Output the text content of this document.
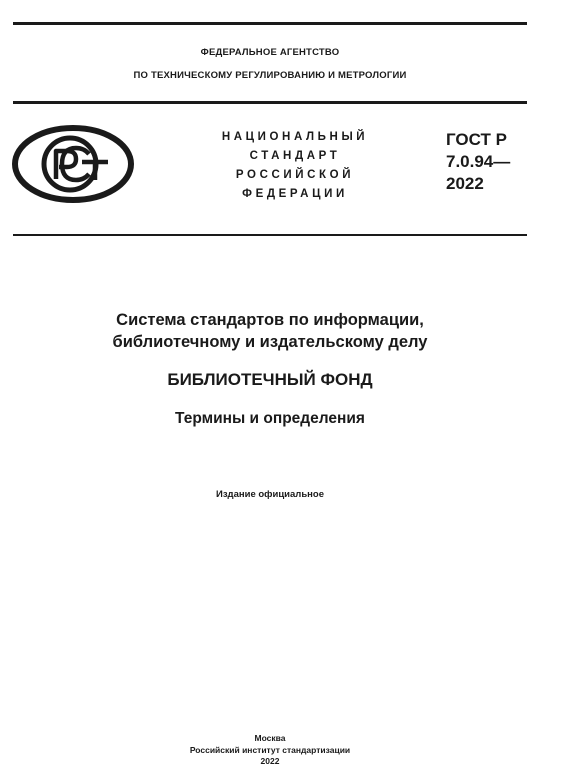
ФЕДЕРАЛЬНОЕ АГЕНТСТВО
ПО ТЕХНИЧЕСКОМУ РЕГУЛИРОВАНИЮ И МЕТРОЛОГИИ
НАЦИОНАЛЬНЫЙ
СТАНДАРТ
РОССИЙСКОЙ
ФЕДЕРАЦИИ
ГОСТ Р
7.0.94—
2022
Система стандартов по информации,
библиотечному и издательскому делу
БИБЛИОТЕЧНЫЙ ФОНД
Термины и определения
Издание официальное
Москва
Российский институт стандартизации
2022
